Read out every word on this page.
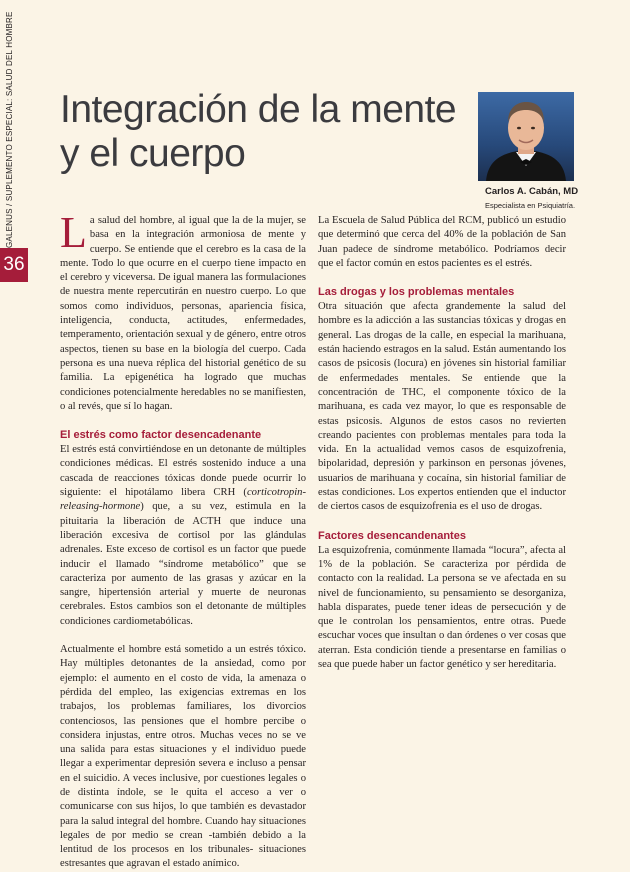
GALENUS / SUPLEMENTO ESPECIAL: SALUD DEL HOMBRE
36
Integración de la mente
y el cuerpo
Carlos A. Cabán, MD
Especialista en Psiquiatría.

La salud del hombre, al igual que la de la mujer, se basa en la integración armoniosa de mente y cuerpo. Se entiende que el cerebro es la casa de la mente. Todo lo que ocurre en el cuerpo tiene impacto en el cerebro y viceversa. De igual manera las formulaciones de nuestra mente repercutirán en nuestro cuerpo. Lo que somos como individuos, personas, apariencia física, inteligencia, conducta, actitudes, enfermedades, temperamento, orientación sexual y de género, entre otros aspectos, tienen su base en la biología del cuerpo. Cada persona es una nueva réplica del historial genético de su familia. La epigenética ha logrado que muchas condiciones potencialmente heredables no se manifiesten, o al revés, que sí lo hagan.

El estrés como factor desencadenante

El estrés está convirtiéndose en un detonante de múltiples condiciones médicas. El estrés sostenido induce a una cascada de reacciones tóxicas donde puede ocurrir lo siguiente: el hipotálamo libera CRH (corticotropin-releasing-hormone) que, a su vez, estimula en la pituitaria la liberación de ACTH que induce una liberación excesiva de cortisol por las glándulas adrenales. Este exceso de cortisol es un factor que puede inducir el llamado “síndrome metabólico” que se caracteriza por aumento de las grasas y azúcar en la sangre, hipertensión arterial y muerte de neuronas cerebrales. Estos cambios son el detonante de múltiples condiciones cardiometabólicas.

Actualmente el hombre está sometido a un estrés tóxico. Hay múltiples detonantes de la ansiedad, como por ejemplo: el aumento en el costo de vida, la amenaza o pérdida del empleo, las exigencias extremas en los trabajos, los problemas familiares, los divorcios contenciosos, las pensiones que el hombre percibe o considera injustas, entre otros. Muchas veces no se ve una salida para estas situaciones y el individuo puede llegar a experimentar depresión severa e incluso a pensar en el suicidio. A veces inclusive, por cuestiones legales o de distinta índole, se le quita el acceso a ver o comunicarse con sus hijos, lo que también es devastador para la salud integral del hombre. Cuando hay situaciones legales de por medio se crean -también debido a la lentitud de los procesos en los tribunales- situaciones estresantes que agravan el estado anímico.

La Escuela de Salud Pública del RCM, publicó un estudio que determinó que cerca del 40% de la población de San Juan padece de síndrome metabólico. Podríamos decir que el factor común en estos pacientes es el estrés.

Las drogas y los problemas mentales

Otra situación que afecta grandemente la salud del hombre es la adicción a las sustancias tóxicas y drogas en general. Las drogas de la calle, en especial la marihuana, están haciendo estragos en la salud. Están aumentando los casos de psicosis (locura) en jóvenes sin historial familiar de enfermedades mentales. Se entiende que la concentración de THC, el componente tóxico de la marihuana, es cada vez mayor, lo que es responsable de estas psicosis. Algunos de estos casos no revierten creando pacientes con problemas mentales para toda la vida. En la actualidad vemos casos de esquizofrenia, bipolaridad, depresión y parkinson en personas jóvenes, usuarios de marihuana y cocaína, sin historial familiar de estas condiciones. Los expertos entienden que el inductor de ciertos casos de esquizofrenia es el uso de drogas.

Factores desencandenantes

La esquizofrenia, comúnmente llamada “locura”, afecta al 1% de la población. Se caracteriza por pérdida de contacto con la realidad. La persona se ve afectada en su nivel de funcionamiento, su pensamiento se desorganiza, habla disparates, puede tener ideas de persecución y de que le controlan los pensamientos, entre otras. Puede escuchar voces que insultan o dan órdenes o ver cosas que aterran. Esta condición tiende a presentarse en familias o sea que puede haber un factor genético y ser hereditaria.
